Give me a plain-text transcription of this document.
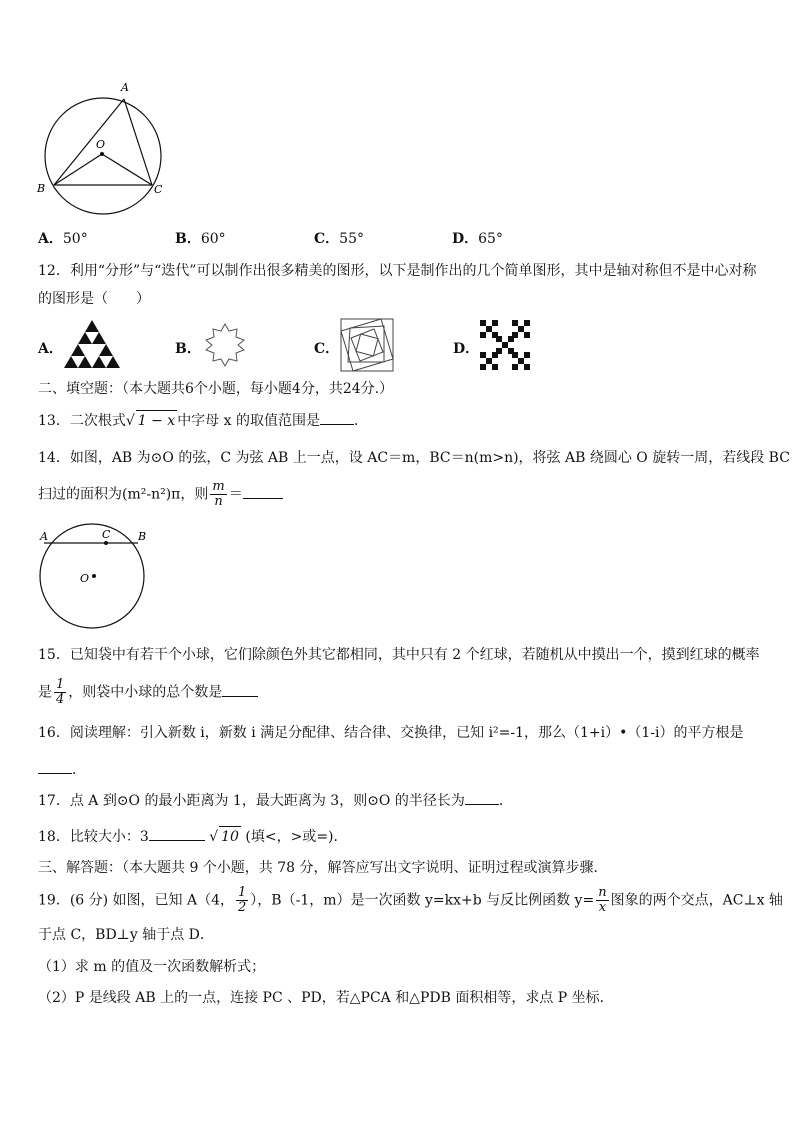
A
O
B	C
A．50°	B．60°	C．55°	D．65°
12．利用“分形”与“迭代”可以制作出很多精美的图形，以下是制作出的几个简单图形，其中是轴对称但不是中心对称
的图形是（　　）
A．	B．	C．	D．
二、填空题：（本大题共6个小题，每小题4分，共24分.）
13．二次根式√ 1 − x 中字母 x 的取值范围是 ．
14．如图，AB 为⊙O 的弦，C 为弦 AB 上一点，设 AC＝m，BC＝n(m>n)，将弦 AB 绕圆心 O 旋转一周，若线段 BC
扫过的面积为(m²-n²)π，则 $\frac{m}{n}$ ＝
A	C	B
O
15．已知袋中有若干个小球，它们除颜色外其它都相同，其中只有 2 个红球，若随机从中摸出一个，摸到红球的概率
是 $\frac{1}{4}$ ，则袋中小球的总个数是
16．阅读理解：引入新数 i，新数 i 满足分配律、结合律、交换律，已知 i²=-1，那么（1+i）•（1-i）的平方根是
．
17．点 A 到⊙O 的最小距离为 1，最大距离为 3，则⊙O 的半径长为 ．
18．比较大小：3	√ 10 (填<，>或=)．
三、解答题：（本大题共 9 个小题，共 78 分，解答应写出文字说明、证明过程或演算步骤．
19．(6 分) 如图，已知 A（4， $\frac{1}{2}$ ），B（-1，m）是一次函数 y=kx+b 与反比例函数 $y= \frac{n}{x}$ 图象的两个交点，AC⊥x 轴
于点 C，BD⊥y 轴于点 D．
（1）求 m 的值及一次函数解析式；
（2）P 是线段 AB 上的一点，连接 PC 、PD，若△PCA 和△PDB 面积相等，求点 P 坐标．
